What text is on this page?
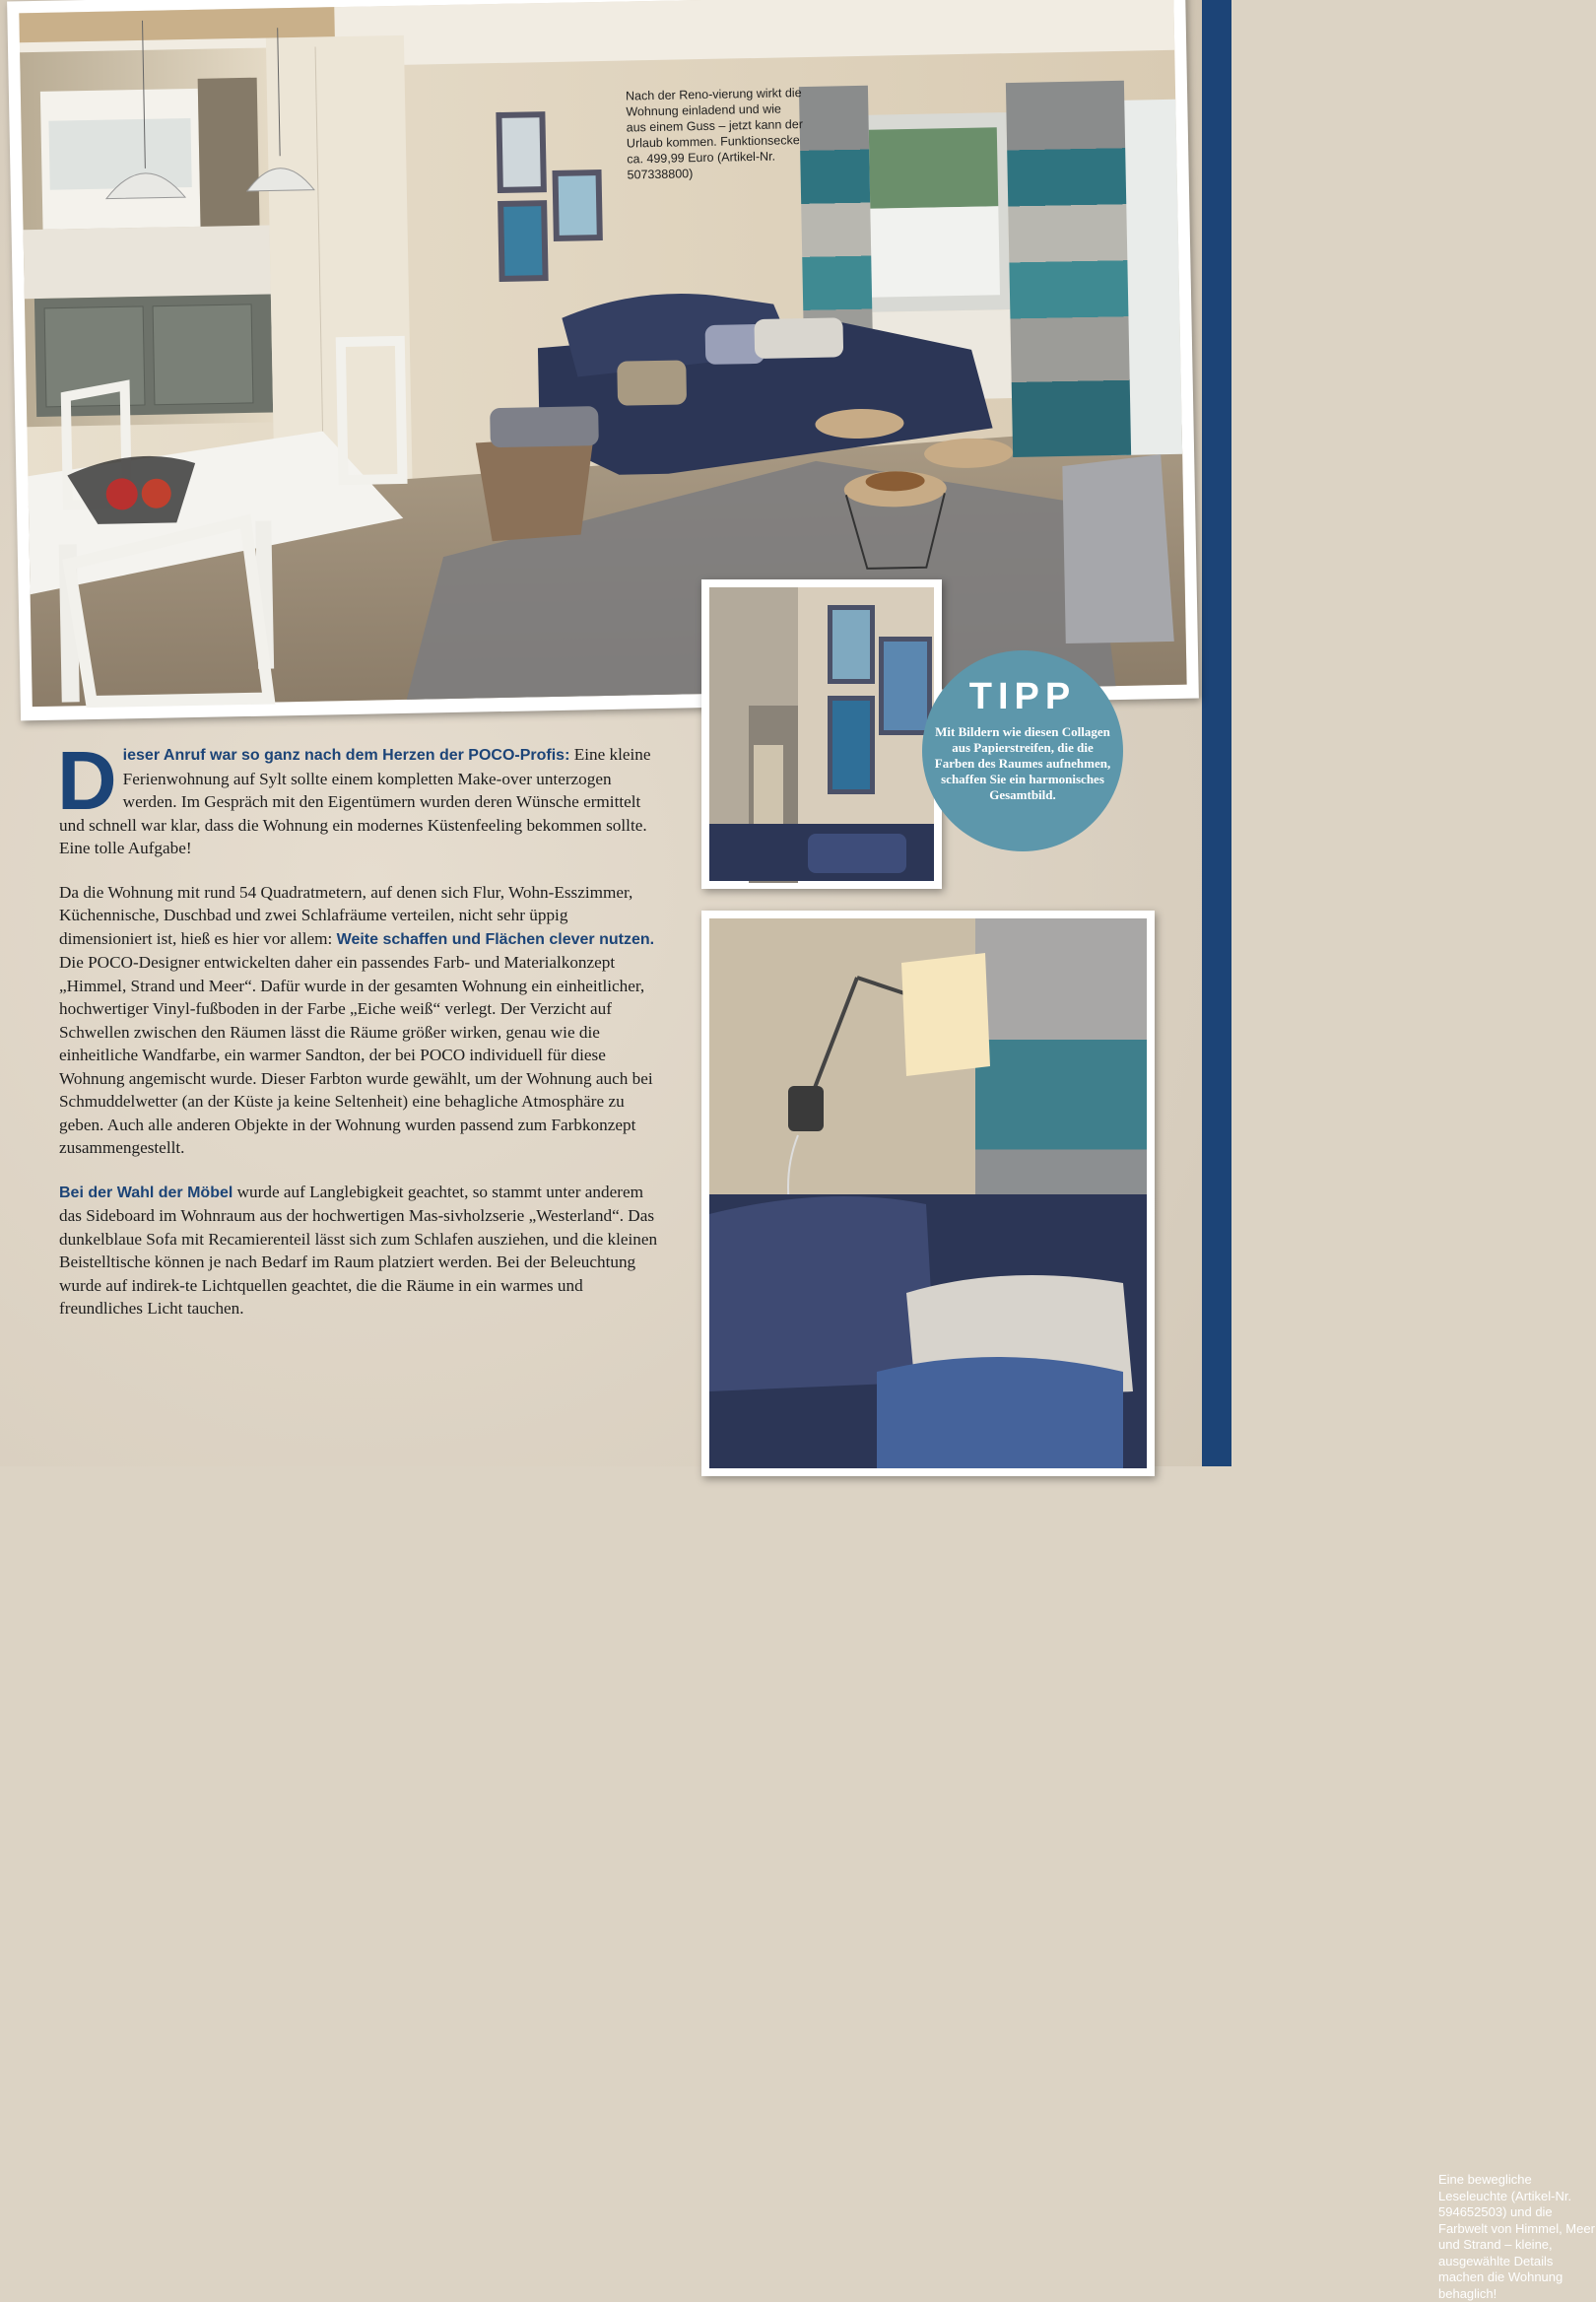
Nach der Reno-vierung wirkt die Wohnung einladend und wie aus einem Guss – jetzt kann der Urlaub kommen. Funktionsecke ca. 499,99 Euro (Artikel-Nr. 507338800)
Eine bewegliche Leseleuchte (Artikel-Nr. 594652503) und die Farbwelt von Himmel, Meer und Strand – kleine, ausgewählte Details machen die Wohnung behaglich!
TIPP
Mit Bildern wie diesen Collagen aus Papierstreifen, die die Farben des Raumes aufnehmen, schaffen Sie ein harmonisches Gesamtbild.

Dieser Anruf war so ganz nach dem Herzen der POCO-Profis: Eine kleine Ferienwohnung auf Sylt sollte einem kompletten Make-over unterzogen werden. Im Gespräch mit den Eigentümern wurden deren Wünsche ermittelt und schnell war klar, dass die Wohnung ein modernes Küstenfeeling bekommen sollte. Eine tolle Aufgabe!

Da die Wohnung mit rund 54 Quadratmetern, auf denen sich Flur, Wohn-Esszimmer, Küchennische, Duschbad und zwei Schlafräume verteilen, nicht sehr üppig dimensioniert ist, hieß es hier vor allem: Weite schaffen und Flächen clever nutzen. Die POCO-Designer entwickelten daher ein passendes Farb- und Materialkonzept „Himmel, Strand und Meer“. Dafür wurde in der gesamten Wohnung ein einheitlicher, hochwertiger Vinyl-fußboden in der Farbe „Eiche weiß“ verlegt. Der Verzicht auf Schwellen zwischen den Räumen lässt die Räume größer wirken, genau wie die einheitliche Wandfarbe, ein warmer Sandton, der bei POCO individuell für diese Wohnung angemischt wurde. Dieser Farbton wurde gewählt, um der Wohnung auch bei Schmuddelwetter (an der Küste ja keine Seltenheit) eine behagliche Atmosphäre zu geben. Auch alle anderen Objekte in der Wohnung wurden passend zum Farbkonzept zusammengestellt.

Bei der Wahl der Möbel wurde auf Langlebigkeit geachtet, so stammt unter anderem das Sideboard im Wohnraum aus der hochwertigen Mas-sivholzserie „Westerland“. Das dunkelblaue Sofa mit Recamierenteil lässt sich zum Schlafen ausziehen, und die kleinen Beistelltische können je nach Bedarf im Raum platziert werden. Bei der Beleuchtung wurde auf indirek-te Lichtquellen geachtet, die die Räume in ein warmes und freundliches Licht tauchen.
